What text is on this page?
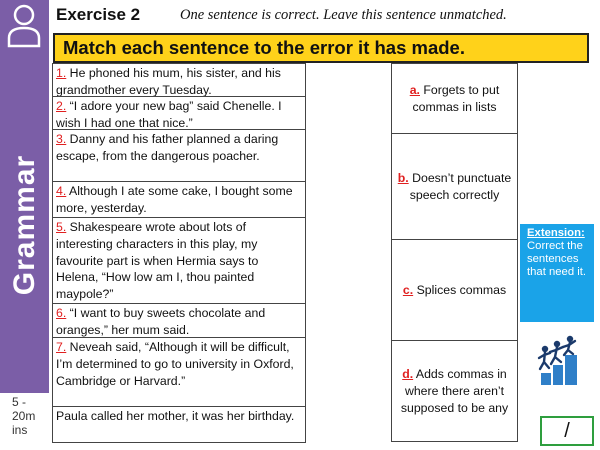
Grammar
5 - 20m ins
Exercise 2	One sentence is correct. Leave this sentence unmatched.
Match each sentence to the error it has made.
1. He phoned his mum, his sister, and his grandmother every Tuesday.
2. “I adore your new bag” said Chenelle. I wish I had one that nice.”
3. Danny and his father planned a daring escape, from the dangerous poacher.
4. Although I ate some cake, I bought some more, yesterday.
5. Shakespeare wrote about lots of interesting characters in this play, my favourite part is when Hermia says to Helena, “How low am I, thou painted maypole?”
6. “I want to buy sweets chocolate and oranges,” her mum said.
7. Neveah said, “Although it will be difficult, I’m determined to go to university in Oxford, Cambridge or Harvard.”
Paula called her mother, it was her birthday.
a. Forgets to put commas in lists
b. Doesn’t punctuate speech correctly
c. Splices commas
d. Adds commas in where there aren’t supposed to be any
Extension:
Correct the sentences that need it.
/
